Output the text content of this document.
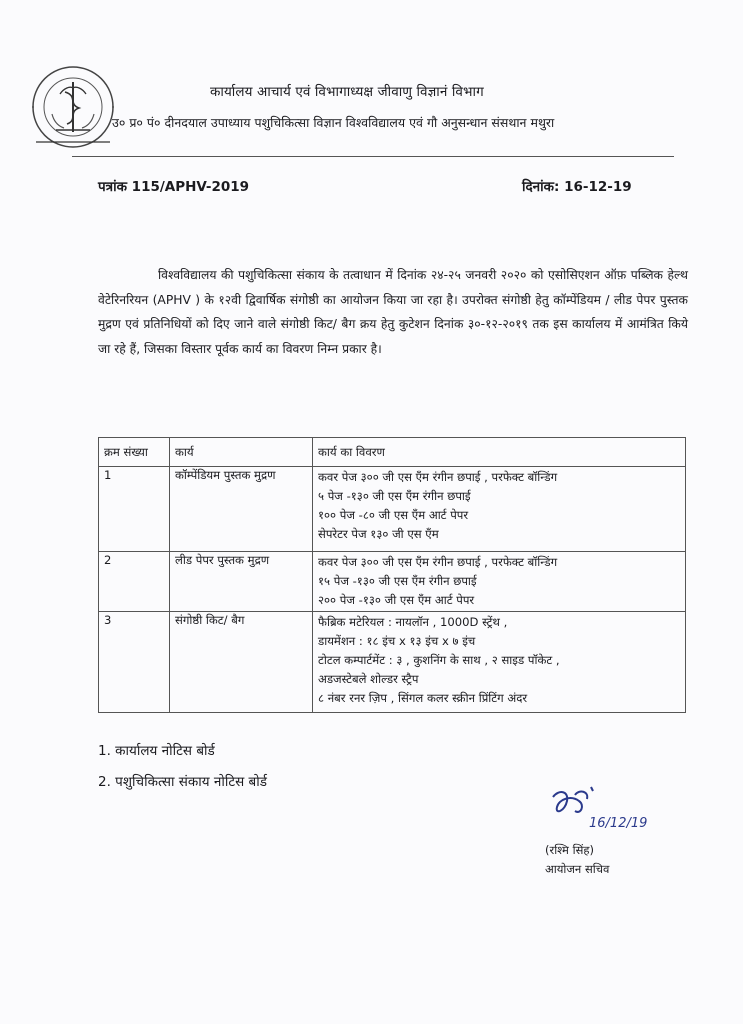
कार्यालय आचार्य एवं विभागाध्यक्ष जीवाणु विज्ञानं विभाग
उ० प्र० पं० दीनदयाल उपाध्याय पशुचिकित्सा विज्ञान विश्वविद्यालय एवं गौ अनुसन्धान संसथान मथुरा
पत्रांक 115/APHV-2019	दिनांक: 16-12-19
विश्वविद्यालय की पशुचिकित्सा संकाय के तत्वाधान में दिनांक २४-२५ जनवरी २०२० को एसोसिएशन ऑफ़ पब्लिक हेल्थ वेटेरिनरियन (APHV ) के १२वी द्विवार्षिक संगोष्ठी का आयोजन किया जा रहा है। उपरोक्त संगोष्ठी हेतु कॉम्पेंडियम / लीड पेपर पुस्तक मुद्रण एवं प्रतिनिधियों को दिए जाने वाले संगोष्ठी किट/ बैग क्रय हेतु कुटेशन दिनांक ३०-१२-२०१९ तक इस कार्यालय में आमंत्रित किये जा रहे हैं, जिसका विस्तार पूर्वक कार्य का विवरण निम्न प्रकार है।
क्रम संख्या	कार्य	कार्य का विवरण
1	कॉम्पेंडियम पुस्तक मुद्रण	कवर पेज ३०० जी एस एँम रंगीन छपाई , परफेक्ट बॉन्डिंग
५ पेज -१३० जी एस एँम रंगीन छपाई
१०० पेज -८० जी एस एँम आर्ट पेपर
सेपरेटर पेज १३० जी एस एँम

2	लीड पेपर पुस्तक मुद्रण	कवर पेज ३०० जी एस एँम रंगीन छपाई , परफेक्ट बॉन्डिंग
१५ पेज -१३० जी एस एँम रंगीन छपाई
२०० पेज -१३० जी एस एँम आर्ट पेपर

3	संगोष्ठी किट/ बैग	फैब्रिक मटेरियल : नायलॉन , 1000D स्ट्रेंथ ,
डायमेंशन : १८ इंच x १३ इंच x ७ इंच
टोटल कम्पार्टमेंट : ३ , कुशनिंग के साथ , २ साइड पॉकेट ,
अडजस्टेबले शोल्डर स्ट्रैप
८ नंबर रनर ज़िप , सिंगल कलर स्क्रीन प्रिंटिंग अंदर
1. कार्यालय नोटिस बोर्ड
2. पशुचिकित्सा संकाय नोटिस बोर्ड
16/12/19
(रश्मि सिंह)
आयोजन सचिव
